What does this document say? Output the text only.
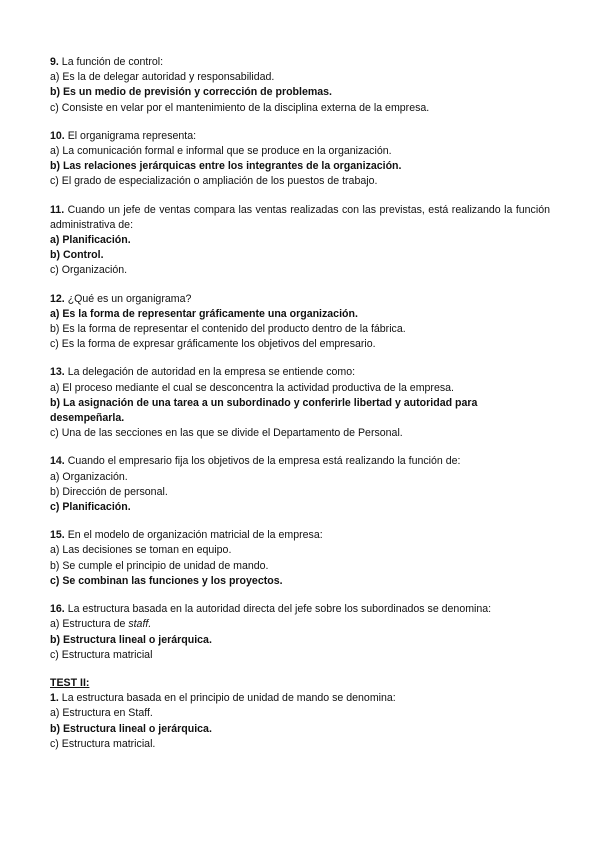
9. La función de control:
a) Es la de delegar autoridad y responsabilidad.
b) Es un medio de previsión y corrección de problemas.
c) Consiste en velar por el mantenimiento de la disciplina externa de la empresa.
10. El organigrama representa:
a) La comunicación formal e informal que se produce en la organización.
b) Las relaciones jerárquicas entre los integrantes de la organización.
c) El grado de especialización o ampliación de los puestos de trabajo.
11. Cuando un jefe de ventas compara las ventas realizadas con las previstas, está realizando la función administrativa de:
a) Planificación.
b) Control.
c) Organización.
12. ¿Qué es un organigrama?
a) Es la forma de representar gráficamente una organización.
b) Es la forma de representar el contenido del producto dentro de la fábrica.
c) Es la forma de expresar gráficamente los objetivos del empresario.
13. La delegación de autoridad en la empresa se entiende como:
a) El proceso mediante el cual se desconcentra la actividad productiva de la empresa.
b) La asignación de una tarea a un subordinado y conferirle libertad y autoridad para desempeñarla.
c) Una de las secciones en las que se divide el Departamento de Personal.
14. Cuando el empresario fija los objetivos de la empresa está realizando la función de:
a) Organización.
b) Dirección de personal.
c) Planificación.
15. En el modelo de organización matricial de la empresa:
a) Las decisiones se toman en equipo.
b) Se cumple el principio de unidad de mando.
c) Se combinan las funciones y los proyectos.
16. La estructura basada en la autoridad directa del jefe sobre los subordinados se denomina:
a) Estructura de staff.
b) Estructura lineal o jerárquica.
c) Estructura matricial
TEST II:
1. La estructura basada en el principio de unidad de mando se denomina:
a) Estructura en Staff.
b) Estructura lineal o jerárquica.
c) Estructura matricial.
